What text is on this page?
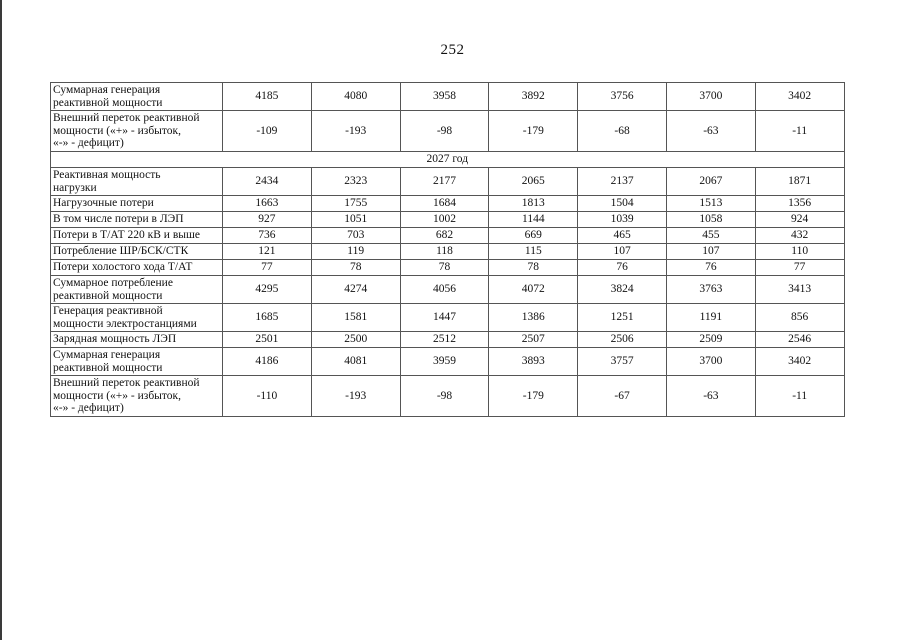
252
Суммарная генерация
реактивной мощности	4185	4080	3958	3892	3756	3700	3402

Внешний переток реактивной
мощности («+» - избыток,
«-» - дефицит)	-109	-193	-98	-179	-68	-63	-11
2027 год							

Реактивная мощность
нагрузки	2434	2323	2177	2065	2137	2067	1871

Нагрузочные потери	1663	1755	1684	1813	1504	1513	1356

В том числе потери в ЛЭП	927	1051	1002	1144	1039	1058	924

Потери в Т/АТ 220 кВ и выше	736	703	682	669	465	455	432

Потребление ШР/БСК/СТК	121	119	118	115	107	107	110

Потери холостого хода Т/АТ	77	78	78	78	76	76	77

Суммарное потребление
реактивной мощности	4295	4274	4056	4072	3824	3763	3413

Генерация реактивной
мощности электростанциями	1685	1581	1447	1386	1251	1191	856

Зарядная мощность ЛЭП	2501	2500	2512	2507	2506	2509	2546

Суммарная генерация
реактивной мощности	4186	4081	3959	3893	3757	3700	3402

Внешний переток реактивной
мощности («+» - избыток,
«-» - дефицит)	-110	-193	-98	-179	-67	-63	-11
